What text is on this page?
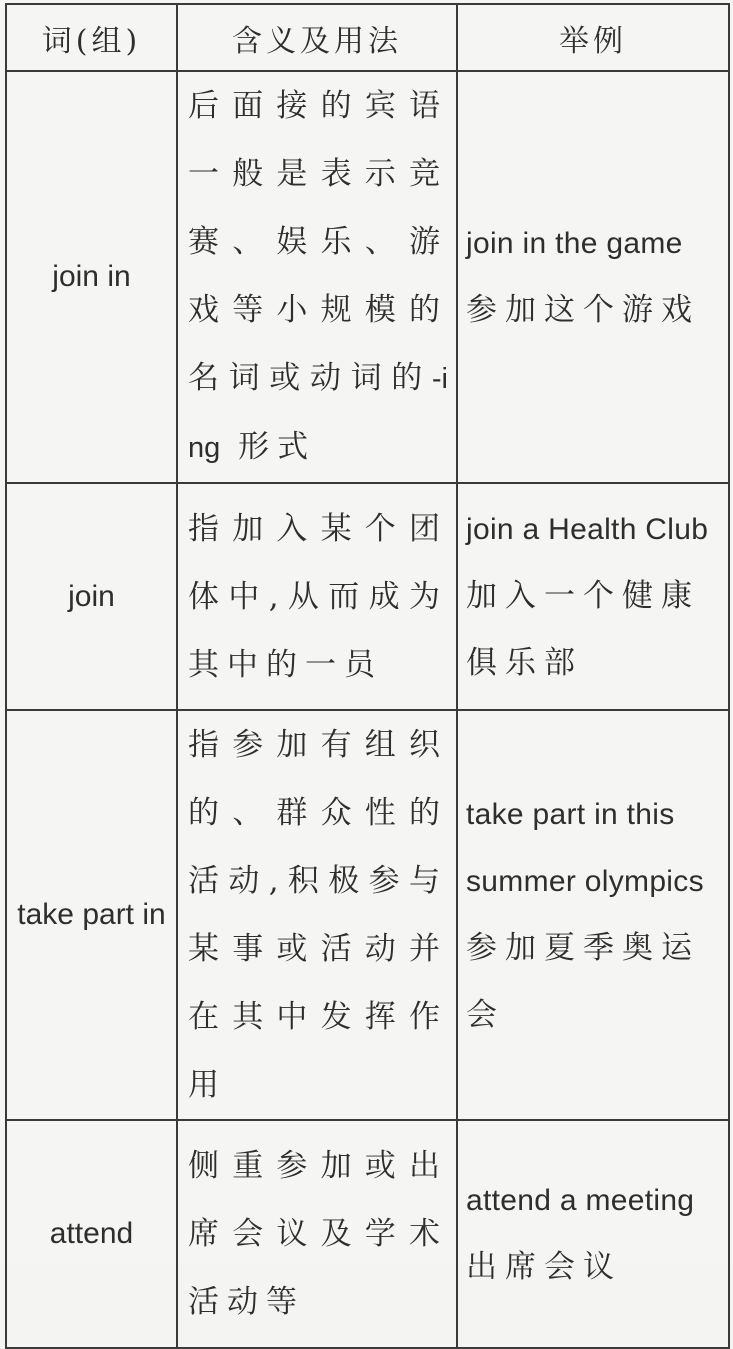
词(组)	含义及用法	举例

join in	后面接的宾语一般是表示竞赛、娱乐、游戏等小规模的名词或动词的-ing 形式	join in the game
参加这个游戏

join	指加入某个团体中,从而成为其中的一员	join a Health Club
加入一个健康俱乐部

take part in	指参加有组织的、群众性的活动,积极参与某事或活动并在其中发挥作用	take part in this
summer olympics
参加夏季奥运会

attend	侧重参加或出席会议及学术活动等	attend a meeting
出席会议
